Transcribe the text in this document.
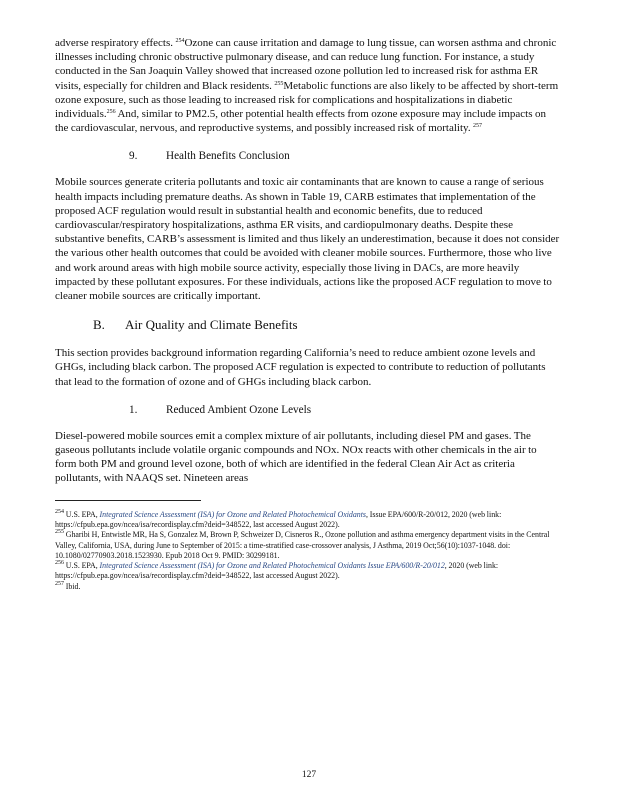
adverse respiratory effects. $^{254}$Ozone can cause irritation and damage to lung tissue, can worsen asthma and chronic illnesses including chronic obstructive pulmonary disease, and can reduce lung function. For instance, a study conducted in the San Joaquin Valley showed that increased ozone pollution led to increased risk for asthma ER visits, especially for children and Black residents. $^{255}$Metabolic functions are also likely to be affected by short-term ozone exposure, such as those leading to increased risk for complications and hospitalizations in diabetic individuals.$^{256}$ And, similar to PM2.5, other potential health effects from ozone exposure may include impacts on the cardiovascular, nervous, and reproductive systems, and possibly increased risk of mortality. $^{257}$

9.	Health Benefits Conclusion

Mobile sources generate criteria pollutants and toxic air contaminants that are known to cause a range of serious health impacts including premature deaths. As shown in Table 19, CARB estimates that implementation of the proposed ACF regulation would result in substantial health and economic benefits, due to reduced cardiovascular/respiratory hospitalizations, asthma ER visits, and cardiopulmonary deaths. Despite these substantive benefits, CARB’s assessment is limited and thus likely an underestimation, because it does not consider the various other health outcomes that could be avoided with cleaner mobile sources. Furthermore, those who live and work around areas with high mobile source activity, especially those living in DACs, are more heavily impacted by these pollutant exposures. For these individuals, actions like the proposed ACF regulation to move to cleaner mobile sources are critically important.

B.	Air Quality and Climate Benefits

This section provides background information regarding California’s need to reduce ambient ozone levels and GHGs, including black carbon. The proposed ACF regulation is expected to contribute to reduction of pollutants that lead to the formation of ozone and of GHGs including black carbon.

1.	Reduced Ambient Ozone Levels

Diesel-powered mobile sources emit a complex mixture of air pollutants, including diesel PM and gases. The gaseous pollutants include volatile organic compounds and NOx. NOx reacts with other chemicals in the air to form both PM and ground level ozone, both of which are identified in the federal Clean Air Act as criteria pollutants, with NAAQS set. Nineteen areas

$^{254}$ U.S. EPA, Integrated Science Assessment (ISA) for Ozone and Related Photochemical Oxidants, Issue EPA/600/R-20/012, 2020 (web link: https://cfpub.epa.gov/ncea/isa/recordisplay.cfm?deid=348522, last accessed August 2022).

$^{255}$ Gharibi H, Entwistle MR, Ha S, Gonzalez M, Brown P, Schweizer D, Cisneros R., Ozone pollution and asthma emergency department visits in the Central Valley, California, USA, during June to September of 2015: a time-stratified case-crossover analysis, J Asthma, 2019 Oct;56(10):1037-1048. doi: 10.1080/02770903.2018.1523930. Epub 2018 Oct 9. PMID: 30299181.

$^{256}$ U.S. EPA, Integrated Science Assessment (ISA) for Ozone and Related Photochemical Oxidants Issue EPA/600/R-20/012, 2020 (web link: https://cfpub.epa.gov/ncea/isa/recordisplay.cfm?deid=348522, last accessed August 2022).

$^{257}$ Ibid.

127
